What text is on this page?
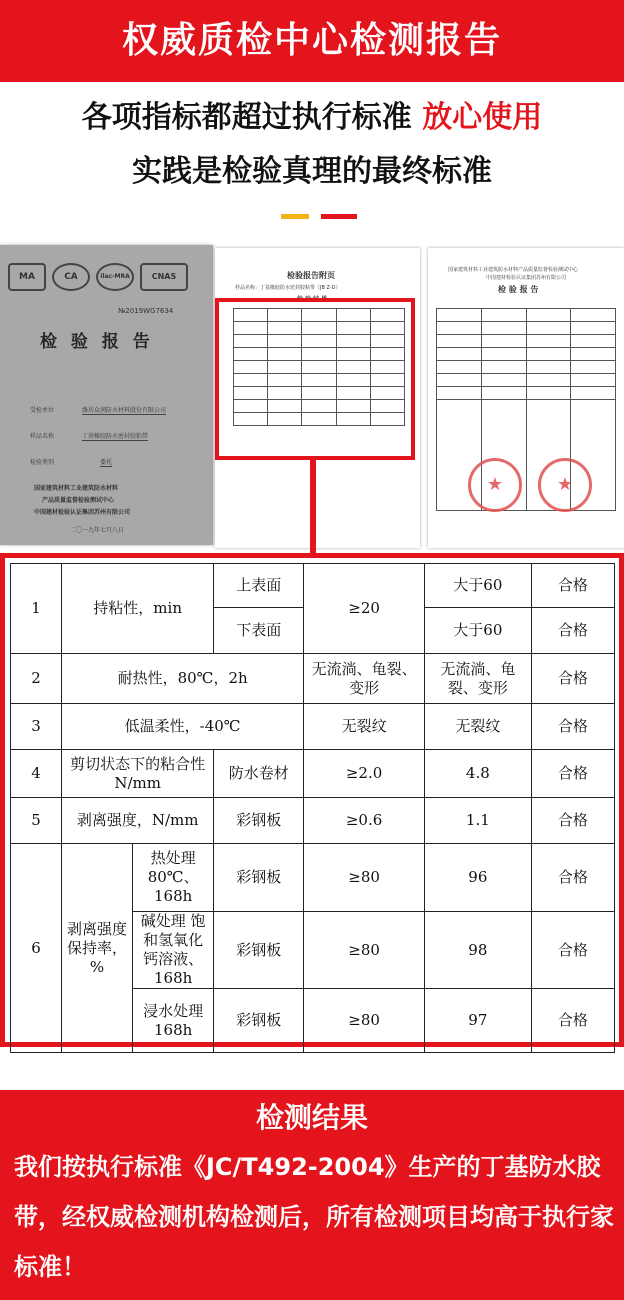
权威质检中心检测报告
各项指标都超过执行标准 放心使用
实践是检验真理的最终标准
MA	CA	ilac-MRA	CNAS
№2019WG7634
检 验 报 告
受检单位	潍坊众润防水材料股份有限公司
样品名称	丁基橡胶防水密封胶粘带
检验类别	委托
国家建筑材料工业建筑防水材料
产品质量监督检验测试中心
中国建材检验认证集团苏州有限公司
二〇一九年七月八日
检验报告附页
样品名称：丁基橡胶防水密封胶粘带（JB Z-D）
检 验 结 果

国家建筑材料工业建筑防水材料产品质量监督检验测试中心
中国建材检验认证集团苏州有限公司
检 验 报 告

★	★
1	持粘性，min		上表面	≥20	大于60	合格
			下表面		大于60	合格
2	耐热性，80℃，2h			无流淌、龟裂、变形	无流淌、龟裂、变形	合格
3	低温柔性，-40℃			无裂纹	无裂纹	合格
4	剪切状态下的粘合性 N/mm		防水卷材	≥2.0	4.8	合格
5	剥离强度，N/mm		彩钢板	≥0.6	1.1	合格
6	剥离强度保持率，%	热处理 80℃、168h	彩钢板	≥80	96	合格
		碱处理 饱和氢氧化钙溶液、168h	彩钢板	≥80	98	合格
		浸水处理 168h	彩钢板	≥80	97	合格
检测结果
我们按执行标准《JC/T492-2004》生产的丁基防水胶带，经权威检测机构检测后，所有检测项目均高于执行家标准！
